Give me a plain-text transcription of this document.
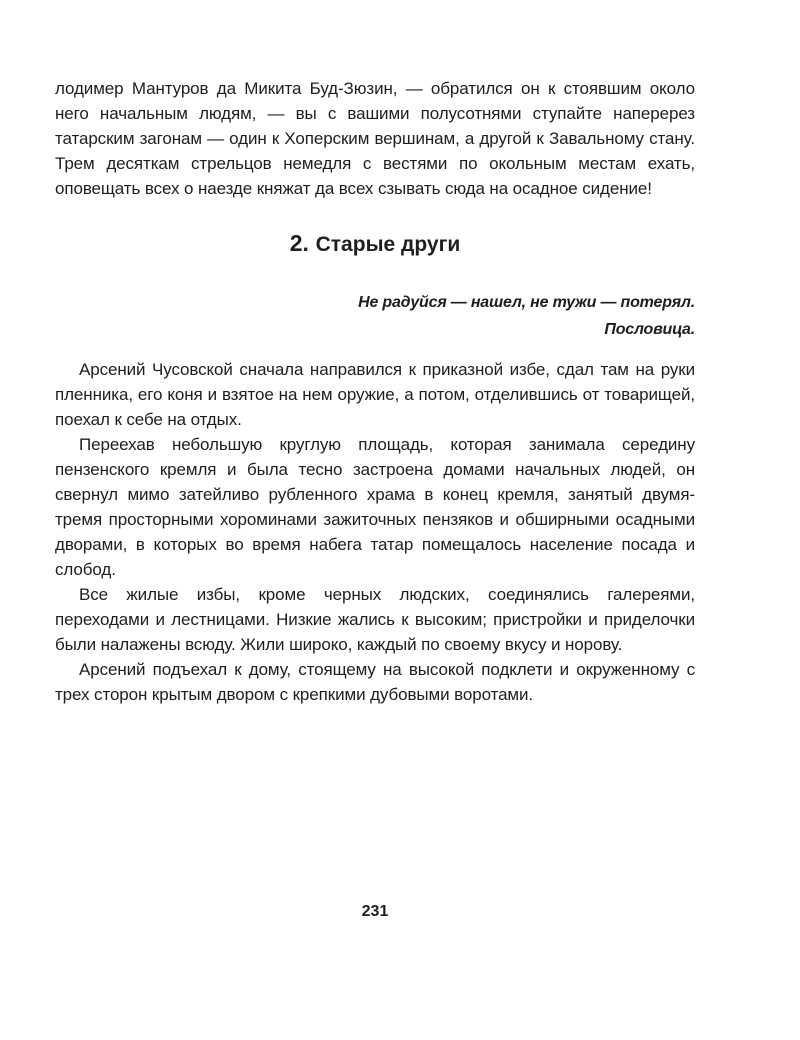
лодимер Мантуров да Микита Буд-Зюзин, — обратился он к стоявшим около него начальным людям, — вы с вашими полусотнями ступайте наперерез татарским загонам — один к Хоперским вершинам, а другой к Завальному стану. Трем десяткам стрельцов немедля с вестями по окольным местам ехать, оповещать всех о наезде княжат да всех сзывать сюда на осадное сидение!

2. Старые други
Не радуйся — нашел, не тужи — потерял.
Пословица.

Арсений Чусовской сначала направился к приказной избе, сдал там на руки пленника, его коня и взятое на нем оружие, а потом, отделившись от товарищей, поехал к себе на отдых.

Переехав небольшую круглую площадь, которая занимала середину пензенского кремля и была тесно застроена домами начальных людей, он свернул мимо затейливо рубленного храма в конец кремля, занятый двумя-тремя просторными хороминами зажиточных пензяков и обширными осадными дворами, в которых во время набега татар помещалось население посада и слобод.

Все жилые избы, кроме черных людских, соединялись галереями, переходами и лестницами. Низкие жались к высоким; пристройки и приделочки были налажены всюду. Жили широко, каждый по своему вкусу и норову.

Арсений подъехал к дому, стоящему на высокой подклети и окруженному с трех сторон крытым двором с крепкими дубовыми воротами.

231
